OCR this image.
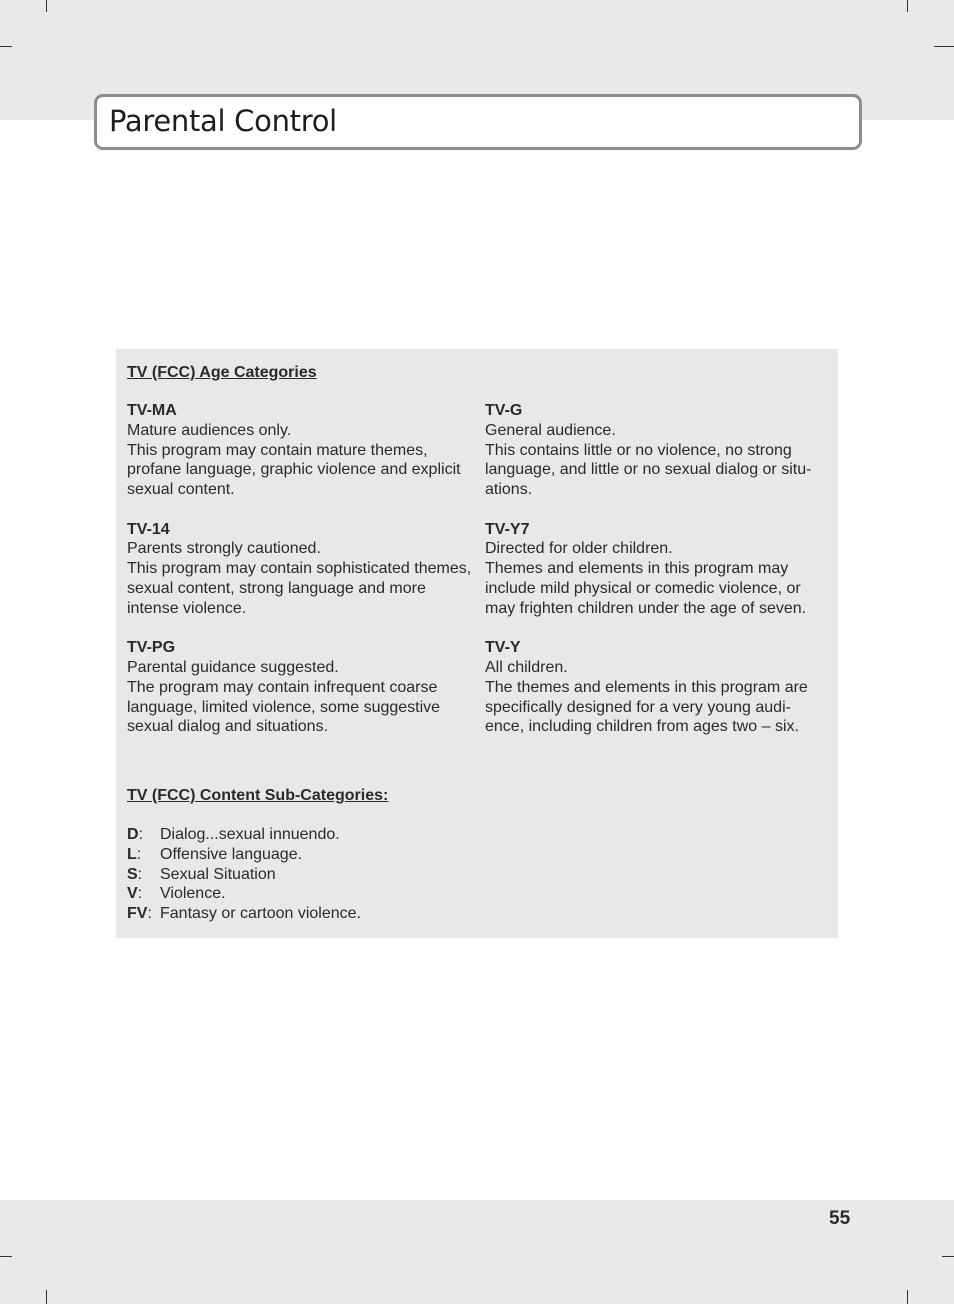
Parental Control
TV (FCC) Age Categories
TV-MA
Mature audiences only.
This program may contain mature themes, profane language, graphic violence and explicit sexual content.
TV-14
Parents strongly cautioned.
This program may contain sophisticated themes, sexual content, strong language and more intense violence.
TV-PG
Parental guidance suggested.
The program may contain infrequent coarse language, limited violence, some suggestive sexual dialog and situations.
TV-G
General audience.
This contains little or no violence, no strong language, and little or no sexual dialog or situ-ations.
TV-Y7
Directed for older children.
Themes and elements in this program may include mild physical or comedic violence, or may frighten children under the age of seven.
TV-Y
All children.
The themes and elements in this program are specifically designed for a very young audi-ence, including children from ages two – six.
TV (FCC) Content Sub-Categories:
D:	Dialog...sexual innuendo.
L:	Offensive language.
S:	Sexual Situation
V:	Violence.
FV: Fantasy or cartoon violence.
55
